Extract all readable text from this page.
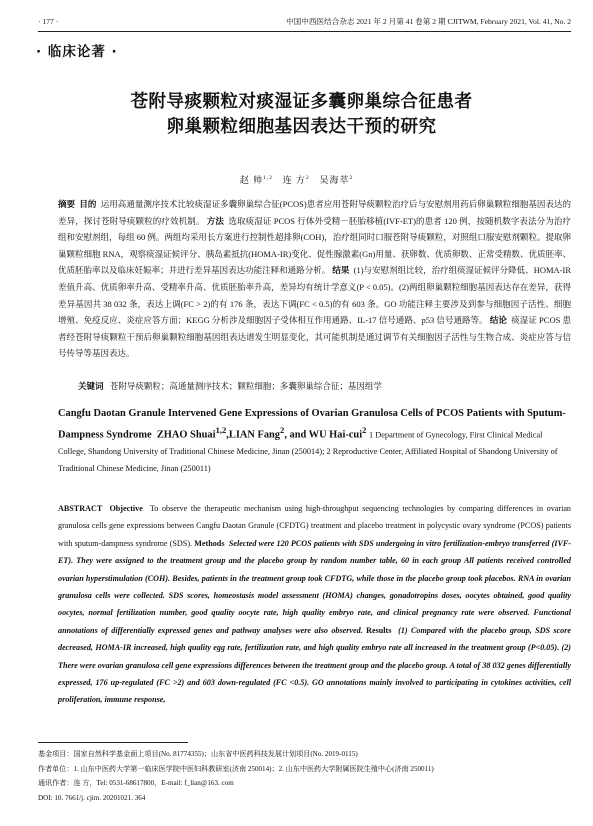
· 177 ·	中国中西医结合杂志 2021 年 2 月第 41 卷第 2 期 CJITWM, February 2021, Vol. 41, No. 2
· 临床论著 ·
苍附导痰颗粒对痰湿证多囊卵巢综合征患者
卵巢颗粒细胞基因表达干预的研究
赵 帅$^{1,2}$ 连 方$^2$ 吴海萃$^2$
摘要 目的 运用高通量测序技术比较痰湿证多囊卵巢综合征(PCOS)患者应用苍附导痰颗粒治疗后与安慰剂用药后卵巢颗粒细胞基因表达的差异，探讨苍附导痰颗粒的疗效机制。 方法 选取痰湿证 PCOS 行体外受精－胚胎移植(IVF-ET)的患者 120 例，按随机数字表法分为治疗组和安慰剂组，每组 60 例。两组均采用长方案进行控制性超排卵(COH)，治疗组同时口服苍附导痰颗粒，对照组口服安慰剂颗粒。提取卵巢颗粒细胞 RNA，观察痰湿证候评分、胰岛素抵抗(HOMA-IR)变化、促性腺激素(Gn)用量、获卵数、优质卵数、正常受精数、优质胚率、优质胚胎率以及临床妊娠率；并进行差异基因表达功能注释和通路分析。 结果 (1)与安慰剂组比较，治疗组痰湿证候评分降低、HOMA-IR 差值升高、优质卵率升高、受精率升高、优质胚胎率升高，差异均有统计学意义(P < 0.05)。(2)两组卵巢颗粒细胞基因表达存在差异，获得差异基因共 38 032 条，表达上调(FC > 2)的有 176 条，表达下调(FC < 0.5)的有 603 条。GO 功能注释主要涉及到参与细胞因子活性、细胞增殖、免疫反应、炎症应答方面；KEGG 分析涉及细胞因子受体相互作用通路、IL-17 信号通路、p53 信号通路等。 结论 痰湿证 PCOS 患者经苍附导痰颗粒干预后卵巢颗粒细胞基因组表达谱发生明显变化，其可能机制是通过调节有关细胞因子活性与生物合成、炎症应答与信号传导等基因表达。
关键词 苍附导痰颗粒；高通量测序技术；颗粒细胞；多囊卵巢综合征；基因组学
Cangfu Daotan Granule Intervened Gene Expressions of Ovarian Granulosa Cells of PCOS Patients with Sputum-Dampness Syndrome ZHAO Shuai$^{1,2}$,LIAN Fang$^2$, and WU Hai-cui$^2$ 1 Department of Gynecology, First Clinical Medical College, Shandong University of Traditional Chinese Medicine, Jinan (250014); 2 Reproductive Center, Affiliated Hospital of Shandong University of Traditional Chinese Medicine, Jinan (250011)
ABSTRACT Objective To observe the therapeutic mechanism using high-throughput sequencing technologies by comparing differences in ovarian granulosa cells gene expressions between Cangfu Daotan Granule (CFDTG) treatment and placebo treatment in polycystic ovary syndrome (PCOS) patients with sputum-dampness syndrome (SDS). Methods Selected were 120 PCOS patients with SDS undergoing in vitro fertilization-embryo transferred (IVF-ET). They were assigned to the treatment group and the placebo group by random number table, 60 in each group All patients received controlled ovarian hyperstimulation (COH). Besides, patients in the treatment group took CFDTG, while those in the placebo group took placebos. RNA in ovarian granulosa cells were collected. SDS scores, homeostasis model assessment (HOMA) changes, gonadotropins doses, oocytes obtained, good quality oocytes, normal fertilization number, good quality oocyte rate, high quality embryo rate, and clinical pregnancy rate were observed. Functional annotations of differentially expressed genes and pathway analyses were also observed. Results (1) Compared with the placebo group, SDS score decreased, HOMA-IR increased, high quality egg rate, fertilization rate, and high quality embryo rate all increased in the treatment group (P<0.05). (2) There were ovarian granulosa cell gene expressions differences between the treatment group and the placebo group. A total of 38 032 genes differentially expressed, 176 up-regulated (FC >2) and 603 down-regulated (FC <0.5). GO annotations mainly involved to participating in cytokines activities, cell proliferation, immune response,
基金项目：国家自然科学基金面上项目(No. 81774355)；山东省中医药科技发展计划项目(No. 2019-0115)
作者单位：1. 山东中医药大学第一临床医学院中医妇科教研室(济南 250014)；2. 山东中医药大学附属医院生殖中心(济南 250011)
通讯作者：连 方，Tel: 0531-68617800，E-mail: f_lian@163. com
DOI: 10. 7661/j. cjim. 20201021. 364
